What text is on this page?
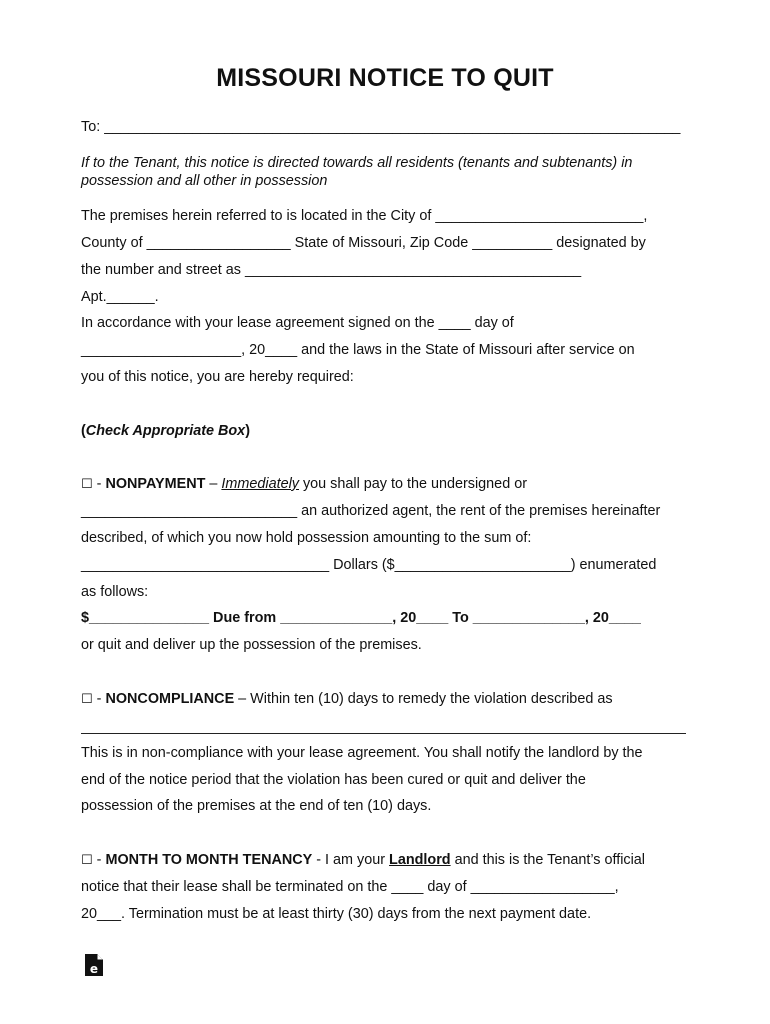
MISSOURI NOTICE TO QUIT
To: ________________________________________________________________________
If to the Tenant, this notice is directed towards all residents (tenants and subtenants) in
possession and all other in possession
The premises herein referred to is located in the City of __________________________,
County of __________________ State of Missouri, Zip Code __________ designated by
the number and street as __________________________________________
Apt.______.
In accordance with your lease agreement signed on the ____ day of
____________________, 20____ and the laws in the State of Missouri after service on
you of this notice, you are hereby required:
(Check Appropriate Box)
☐ - NONPAYMENT – Immediately you shall pay to the undersigned or
___________________________ an authorized agent, the rent of the premises hereinafter
described, of which you now hold possession amounting to the sum of:
_______________________________ Dollars ($______________________) enumerated
as follows:
$_______________ Due from ______________, 20____ To ______________, 20____
or quit and deliver up the possession of the premises.
☐ - NONCOMPLIANCE – Within ten (10) days to remedy the violation described as
This is in non-compliance with your lease agreement. You shall notify the landlord by the
end of the notice period that the violation has been cured or quit and deliver the
possession of the premises at the end of ten (10) days.
☐ - MONTH TO MONTH TENANCY - I am your Landlord and this is the Tenant’s official
notice that their lease shall be terminated on the ____ day of __________________,
20___. Termination must be at least thirty (30) days from the next payment date.
e
